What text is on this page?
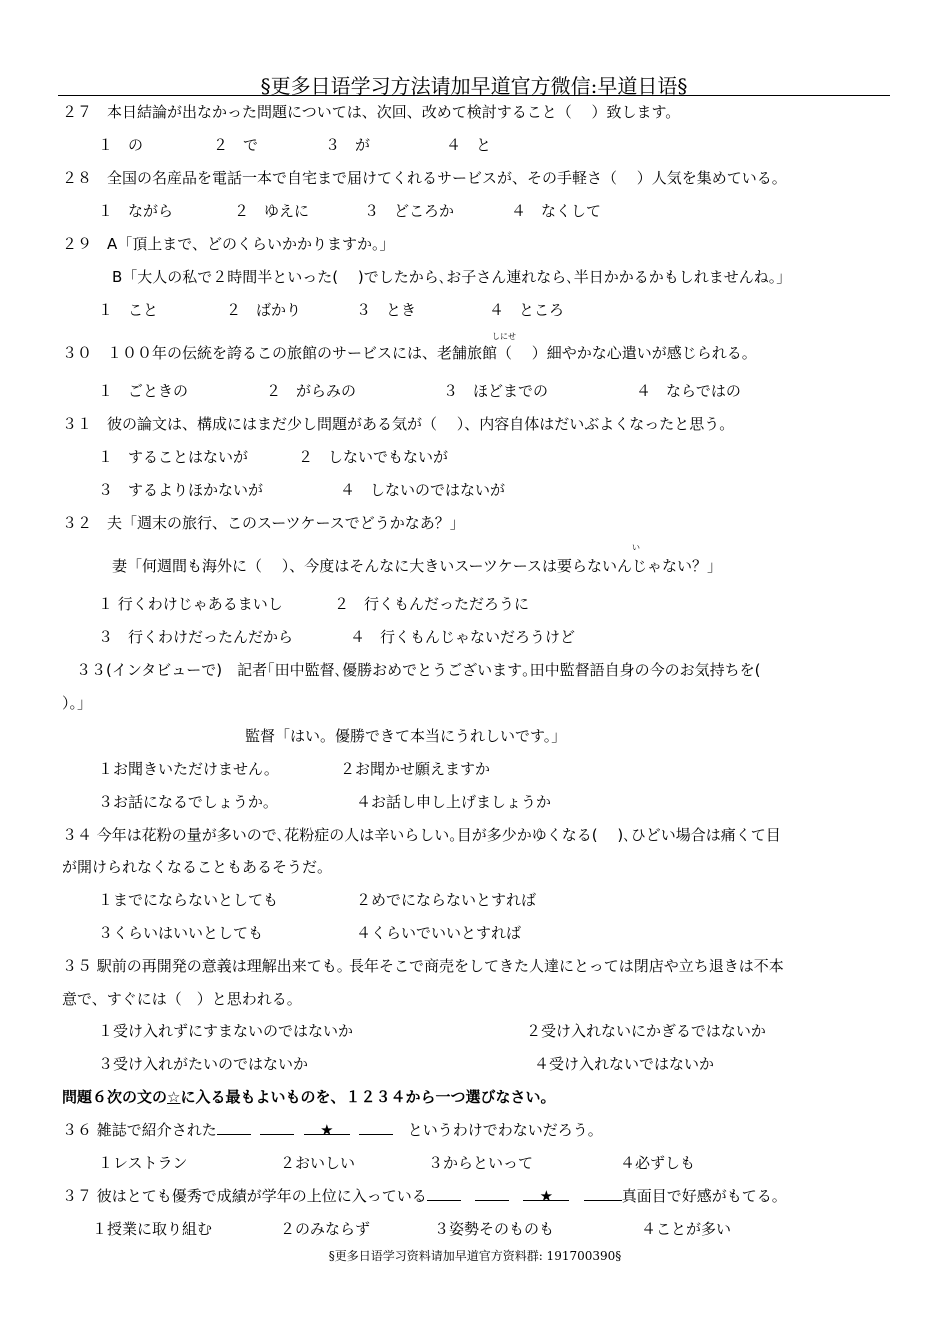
§更多日语学习方法请加早道官方微信:早道日语§
２７　本日結論が出なかった問題については、次回、改めて検討すること（　 ）致します。
１　の	２　で	３　が	４　と
２８　全国の名産品を電話一本で自宅まで届けてくれるサービスが、その手軽さ（　 ）人気を集めている。
１　ながら	２　ゆえに	３　どころか	４　なくして
２９　A「頂上まで、どのくらいかかりますか。」
B「大人の私で２時間半といった(　 )でしたから､お子さん連れなら､半日かかるかもしれませんね。」
１　こと	２　ばかり	３　とき	４　ところ
しにせ
３０　１００年の伝統を誇るこの旅館のサービスには、老舗旅館（　 ）細やかな心遣いが感じられる。
１　ごときの	２　がらみの	３　ほどまでの	４　ならではの
３１　彼の論文は、構成にはまだ少し問題がある気が（　 ）、内容自体はだいぶよくなったと思う。
１　することはないが	２　しないでもないが
３　するよりほかないが	４　しないのではないが
３２　夫「週末の旅行、このスーツケースでどうかなあ？」
い
妻「何週間も海外に（　 ）、今度はそんなに大きいスーツケースは要らないんじゃない？」
１ 行くわけじゃあるまいし	２　行くもんだっただろうに
３　行くわけだったんだから	４　行くもんじゃないだろうけど
３３(インタビューで)　記者｢田中監督､優勝おめでとうございます｡田中監督語自身の今のお気持ちを(
）。」
監督「はい。優勝できて本当にうれしいです。」
１お聞きいただけません。	２お聞かせ願えますか
３お話になるでしょうか。	４お話し申し上げましょうか
３４ 今年は花粉の量が多いので､花粉症の人は辛いらしい｡目が多少かゆくなる(　 )､ひどい場合は痛くて目
が開けられなくなることもあるそうだ。
１までにならないとしても	２めでにならないとすれば
３くらいはいいとしても	４くらいでいいとすれば
３５ 駅前の再開発の意義は理解出来ても｡ 長年そこで商売をしてきた人達にとっては閉店や立ち退きは不本
意で、すぐには（　）と思われる。
１受け入れずにすまないのではないか	２受け入れないにかぎるではないか
３受け入れがたいのではないか	４受け入れないではないか
問題６次の文の☆に入る最もよいものを、１２３４から一つ選びなさい。
３６ 雑誌で紹介された	★	というわけでわないだろう。
１レストラン	２おいしい	３からといって	４必ずしも
３７ 彼はとても優秀で成績が学年の上位に入っている	★	真面目で好感がもてる。
１授業に取り組む	２のみならず	３姿勢そのものも	４ことが多い
§更多日语学习资料请加早道官方资料群: 191700390§
